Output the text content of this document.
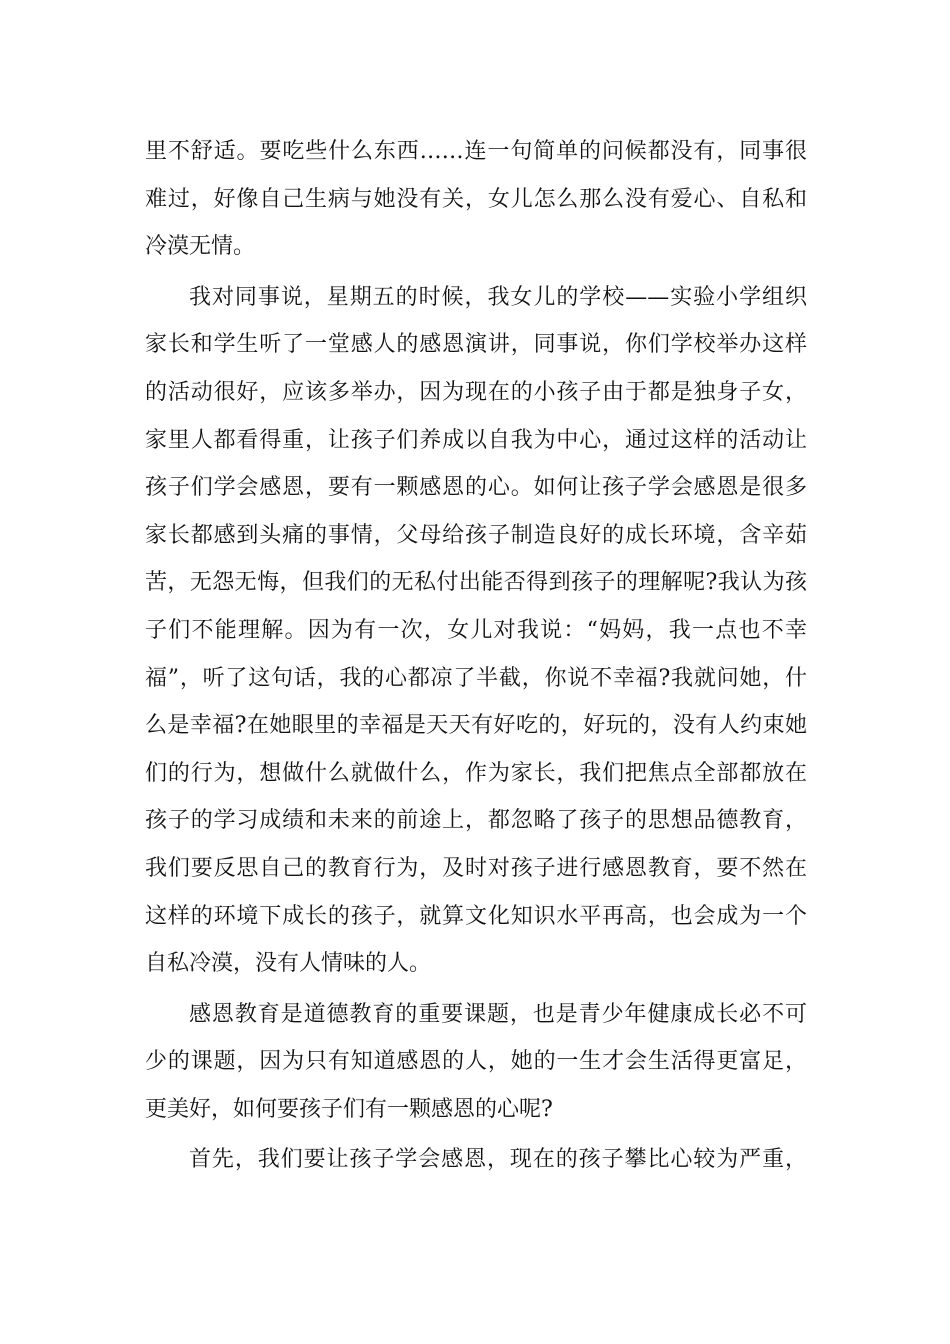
里不舒适。要吃些什么东西……连一句简单的问候都没有，同事很
难过，好像自己生病与她没有关，女儿怎么那么没有爱心、自私和
冷漠无情。
我对同事说，星期五的时候，我女儿的学校——实验小学组织
家长和学生听了一堂感人的感恩演讲，同事说，你们学校举办这样
的活动很好，应该多举办，因为现在的小孩子由于都是独身子女，
家里人都看得重，让孩子们养成以自我为中心，通过这样的活动让
孩子们学会感恩，要有一颗感恩的心。如何让孩子学会感恩是很多
家长都感到头痛的事情，父母给孩子制造良好的成长环境，含辛茹
苦，无怨无悔，但我们的无私付出能否得到孩子的理解呢?我认为孩
子们不能理解。因为有一次，女儿对我说：“妈妈，我一点也不幸
福”，听了这句话，我的心都凉了半截，你说不幸福?我就问她，什
么是幸福?在她眼里的幸福是天天有好吃的，好玩的，没有人约束她
们的行为，想做什么就做什么，作为家长，我们把焦点全部都放在
孩子的学习成绩和未来的前途上，都忽略了孩子的思想品德教育，
我们要反思自己的教育行为，及时对孩子进行感恩教育，要不然在
这样的环境下成长的孩子，就算文化知识水平再高，也会成为一个
自私冷漠，没有人情味的人。
感恩教育是道德教育的重要课题，也是青少年健康成长必不可
少的课题，因为只有知道感恩的人，她的一生才会生活得更富足，
更美好，如何要孩子们有一颗感恩的心呢?
首先，我们要让孩子学会感恩，现在的孩子攀比心较为严重，
